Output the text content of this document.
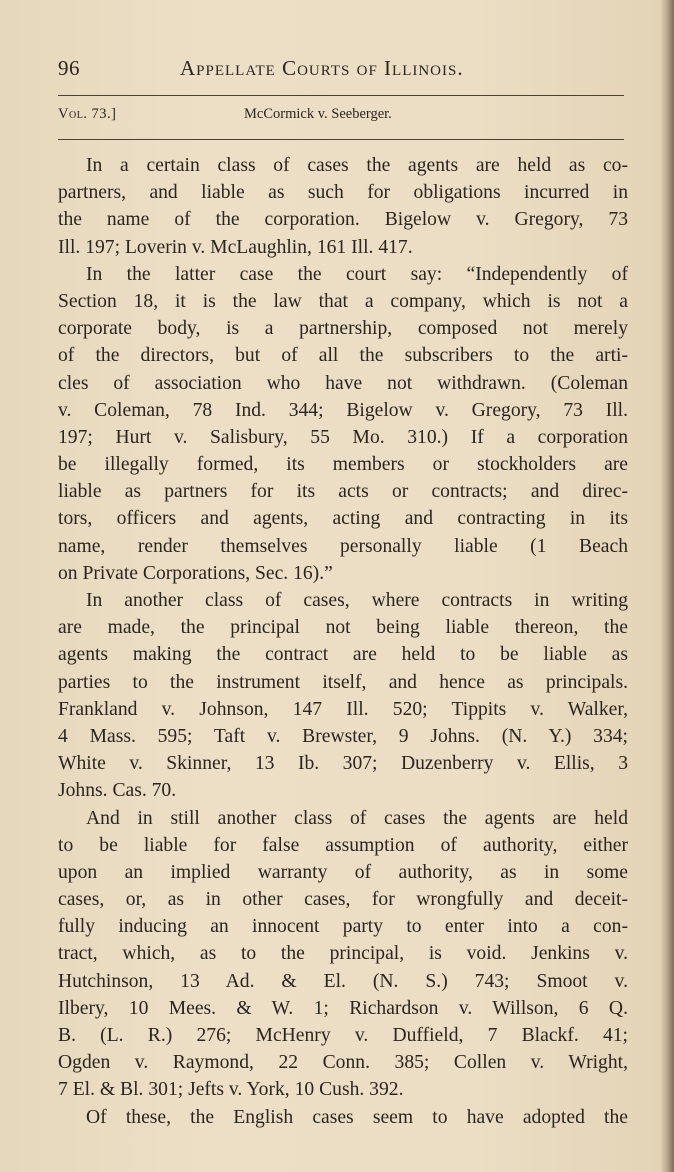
96	Appellate Courts of Illinois.
Vol. 73.]	McCormick v. Seeberger.
In a certain class of cases the agents are held as co-
partners, and liable as such for obligations incurred in
the name of the corporation. Bigelow v. Gregory, 73
Ill. 197; Loverin v. McLaughlin, 161 Ill. 417.
In the latter case the court say: “Independently of
Section 18, it is the law that a company, which is not a
corporate body, is a partnership, composed not merely
of the directors, but of all the subscribers to the arti-
cles of association who have not withdrawn. (Coleman
v. Coleman, 78 Ind. 344; Bigelow v. Gregory, 73 Ill.
197; Hurt v. Salisbury, 55 Mo. 310.) If a corporation
be illegally formed, its members or stockholders are
liable as partners for its acts or contracts; and direc-
tors, officers and agents, acting and contracting in its
name, render themselves personally liable (1 Beach
on Private Corporations, Sec. 16).”
In another class of cases, where contracts in writing
are made, the principal not being liable thereon, the
agents making the contract are held to be liable as
parties to the instrument itself, and hence as principals.
Frankland v. Johnson, 147 Ill. 520; Tippits v. Walker,
4 Mass. 595; Taft v. Brewster, 9 Johns. (N. Y.) 334;
White v. Skinner, 13 Ib. 307; Duzenberry v. Ellis, 3
Johns. Cas. 70.
And in still another class of cases the agents are held
to be liable for false assumption of authority, either
upon an implied warranty of authority, as in some
cases, or, as in other cases, for wrongfully and deceit-
fully inducing an innocent party to enter into a con-
tract, which, as to the principal, is void. Jenkins v.
Hutchinson, 13 Ad. & El. (N. S.) 743; Smoot v.
Ilbery, 10 Mees. & W. 1; Richardson v. Willson, 6 Q.
B. (L. R.) 276; McHenry v. Duffield, 7 Blackf. 41;
Ogden v. Raymond, 22 Conn. 385; Collen v. Wright,
7 El. & Bl. 301; Jefts v. York, 10 Cush. 392.
Of these, the English cases seem to have adopted the
